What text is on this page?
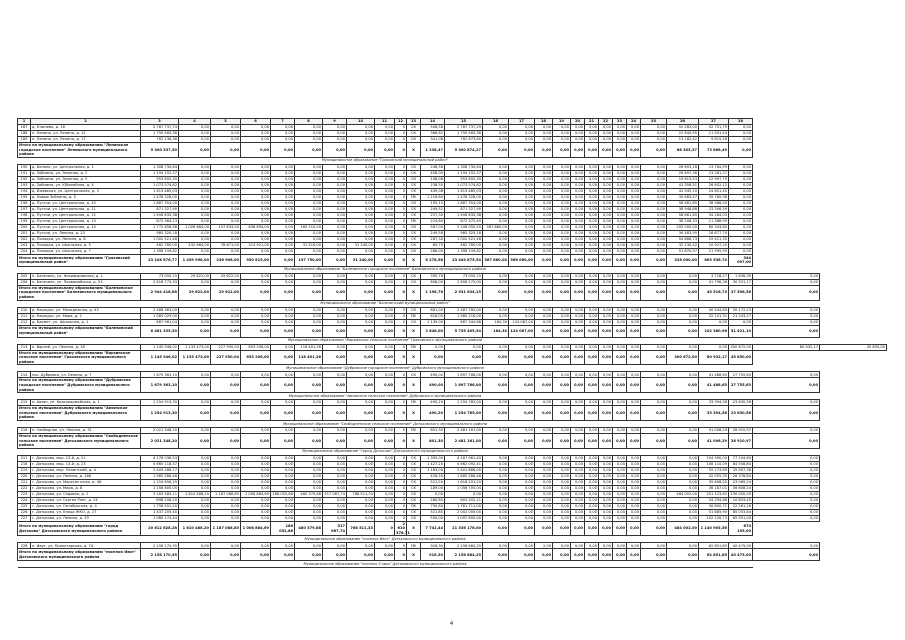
1	2	3	4	5	6	7	8	9	10	11	12	13	14	15	16	17	18	19	20	21	22	23	24	25	26	27	28		
187	д. Ключево, д. 16	2 787 737,74	0,00	0,00	0,00	0,00	0,00	0,00	0,00	0,00	0	СК	508,58	2 787 737,29	0,00	0,00	0,00	0,00	0,00	0,00	0,00	0,00	0,00	0,00	52 282,00	52 751,79	0,00		
188	п. Ленина, ул. Ленина, д. 12	1 750 463,38	0,00	0,00	0,00	0,00	0,00	0,00	0,00	0,00	0	СК	388,81	1 750 463,38	0,00	0,00	0,00	0,00	0,00	0,00	0,00	0,00	0,00	0,00	22 840,95	11 501,44	0,00		
189	п. Ленина, ул. Ленина, д. 17	762 136,38	0,00	0,00	0,00	0,00	0,00	0,00	0,00	0,00	0	СК	341,08	762 673,60	0,00	0,00	0,00	0,00	0,00	0,00	0,00	0,00	0,00	0,00	13 182,42	9 615,26	0,00		
Итого по муниципальному образованию "Ленинское городское поселение" Ленинского муниципального района		5 300 337,50	0,00	0,00	0,00	0,00	0,00	0,00	0,00	0,00	0	X	1 238,47	5 300 874,27	0,00	0,00	0,00	0,00	0,00	0,00	0,00	0,00	0,00	0,00	88 305,37	73 868,49	0,00		
Муниципальное образование "Граховский муниципальный район"																													
190	д. Болоно, ул. Центральная, д. 1	1 308 730,84	0,00	0,00	0,00	0,00	0,00	0,00	0,00	0,00	0	СК	248,58	1 308 730,84	0,00	0,00	0,00	0,00	0,00	0,00	0,00	0,00	0,00	0,00	26 693,18	13 784,99	0,00		
191	д. Зобнины, ул. Зеленая, д. 2	1 194 155,37	0,00	0,00	0,00	0,00	0,00	0,00	0,00	0,00	0	СК	458,05	1 194 155,37	0,00	0,00	0,00	0,00	0,00	0,00	0,00	0,00	0,00	0,00	26 897,38	13 281,27	0,00		
192	д. Зобнины, ул. Зеленая, д. 5	953 655,35	0,00	0,00	0,00	0,00	0,00	0,00	0,00	0,00	0	СК	148,08	953 655,35	0,00	0,00	0,00	0,00	0,00	0,00	0,00	0,00	0,00	0,00	19 613,53	12 997,79	0,00		
193	д. Зобнины, ул. Юбилейная, д. 4	1 073 574,82	0,00	0,00	0,00	0,00	0,00	0,00	0,00	0,00	0	СК	238,50	1 073 574,82	0,00	0,00	0,00	0,00	0,00	0,00	0,00	0,00	0,00	0,00	41 358,51	26 652,12	0,00		
194	д. Ижевская, ул. Центральная, д. 3	1 613 485,03	0,00	0,00	0,00	0,00	0,00	0,00	0,00	0,00	0	СК	449,08	1 613 485,03	0,00	0,00	0,00	0,00	0,00	0,00	0,00	0,00	0,00	0,00	42 945,10	24 851,40	0,00		
195	д. Новые Зобнины, д. 5	1 478 328,00	0,00	0,00	0,00	0,00	0,00	0,00	0,00	0,00	0	ПК	1 218,80	1 478 328,00	0,00	0,00	0,00	0,00	0,00	0,00	0,00	0,00	0,00	0,00	35 683,47	35 780,98	0,00		
196	д. Пугачи, ул. Центральная, д. 10	1 887 354,00	0,00	0,00	0,00	0,00	0,00	0,00	0,00	0,00	0	СК	195,10	1 887 354,00	0,00	0,00	0,00	0,00	0,00	0,00	0,00	0,00	0,00	0,00	58 681,85	38 988,00	0,00		
197	д. Пугачи, ул. Центральная, д. 11	871 327,90	0,00	0,00	0,00	0,00	0,00	0,00	0,00	0,00	0	СК	249,52	871 327,90	0,00	0,00	0,00	0,00	0,00	0,00	0,00	0,00	0,00	0,00	38 948,88	23 306,59	0,00		
198	д. Пугачи, ул. Центральная, д. 12	1 456 635,38	0,00	0,00	0,00	0,00	0,00	0,00	0,00	0,00	0	СК	257,30	1 456 635,38	0,00	0,00	0,00	0,00	0,00	0,00	0,00	0,00	0,00	0,00	58 681,85	34 284,03	0,00		
199	д. Пугачи, ул. Центральная, д. 13	872 364,13	0,00	0,00	0,00	0,00	0,00	0,00	0,00	0,00	0	ПК	224,80	872 372,40	0,00	0,00	0,00	0,00	0,00	0,00	0,00	0,00	0,00	0,00	38 208,33	11 388,99	0,00		
200	д. Пугачи, ул. Центральная, д. 14	1 772 658,98	1 026 664,00	157 633,00	636 694,00	0,00	165 510,00	0,00	0,00	0,00	0	СК	587,00	2 108 050,50	367 860,00	0,00	0,00	0,00	0,00	0,00	0,00	0,00	0,00	0,00	205 000,00	60 343,60	0,00		
201	д. Пугачи, ул. Ленина, д. 23	985 320,18	0,00	0,00	0,00	0,00	0,00	0,00	0,00	0,00	0	СК	249,58	985 325,18	0,00	0,00	0,00	0,00	0,00	0,00	0,00	0,00	0,00	0,00	34 483,95	18 877,74	0,00		
202	д. Поладки, ул. Ленина, д. 8	1 002 521,46	0,00	0,00	0,00	0,00	0,00	0,00	0,00	0,00	0	СК	287,30	1 002 521,46	0,00	0,00	0,00	0,00	0,00	0,00	0,00	0,00	0,00	0,00	54 868,73	19 421,35	0,00		
203	д. Поладки, ул. Школьная, д. 5	482 780,00	432 664,00	78 671,00	313 921,00	0,00	31 510,00	0,00	31 240,00	0,00	0	СК	85,75	482 780,00	0,00	0,00	0,00	0,00	0,00	0,00	0,00	0,00	0,00	0,00	32 130,42	10 927,20	0,00		
204	д. Поладки, ул. Школьная, д. 7	1 398 159,82	0,00	0,00	0,00	0,00	0,00	0,00	0,00	0,00	0	СК	286,00	1 398 159,82	0,00	0,00	0,00	0,00	0,00	0,00	0,00	0,00	0,00	0,00	51 870,97	21 995,95	0,00		
Итого по муниципальному образованию "Граховский муниципальный район"		23 108 876,77	1 459 958,00	236 906,00	950 615,00	0,00	197 750,00	0,00	31 240,00	0,00	0	X	6 278,58	23 449 875,54	367 860,00	366 060,00	0,00	0,00	0,00	0,00	0,00	0,00	0,00	0,00	328 000,00	863 536,74	344 097,00		
Муниципальное образование "Балезинское городское поселение" Балезинского муниципального района																													
205	п. Балезино, ул. Никифоровская, д. 1	73 059,15	29 622,00	29 622,00	0,00	0,00	0,00	0,00	0,00	0,00	0	СК	390,76	73 059,15	0,00	0,00	0,00	0,00	0,00	0,00	0,00	0,00	0,00	0,00	0,00	3 718,27	1 636,39	0,00	
206	п. Балезино, ул. Первомайская, д. 53	2 818 773,33	0,00	0,00	0,00	0,00	0,00	0,00	0,00	0,00	0	СК	808,00	2 858 575,00	0,00	0,00	0,00	0,00	0,00	0,00	0,00	0,00	0,00	0,00	0,00	41 798,36	30 931,17	0,00	
Итого по муниципальному образованию "Балезинское городское поселение" Балезинского муниципального района		2 944 418,88	29 622,00	29 622,00	0,00	0,00	0,00	0,00	0,00	0,00	0	X	1 198,76	2 931 634,15	0,00	0,00	0,00	0,00	0,00	0,00	0,00	0,00	0,00	0,00	0,00	45 516,73	37 596,56	0,00	
Муниципальное образование "Балезинский муниципальный район"																													
210	д. Кашкуро, ул. Молодежная, д. 43	2 488 363,09	0,00	0,00	0,00	0,00	0,00	0,00	0,00	0,00	0	СК	881,00	2 487 785,00	0,00	0,00	0,00	0,00	0,00	0,00	0,00	0,00	0,00	0,00	0,00	40 544,60	30 172,23	0,00	
211	д. Кашкуро, ул. Мира, д. 2	1 085 029,00	0,00	0,00	0,00	0,00	0,00	0,00	0,00	0,00	0	ПК	618,00	1 980 216,00	0,00	0,00	0,00	0,00	0,00	0,00	0,00	0,00	0,00	0,00	0,00	32 101,31	21 243,27	0,00	
212	д. Бахмет, ул. Школьная, д. 1	887 981,04	0,00	0,00	0,00	0,00	0,00	0,00	0,00	0,00	0	СК	1 139,00	887 344,68	184,30	124 067,00	0,00	0,00	0,00	0,00	0,00	0,00	0,00	0,00	0,00	0,00	0,00	0,00	
Итого по муниципальному образованию "Балезинский муниципальный район"		6 461 335,30	0,00	0,00	0,00	0,00	0,00	0,00	0,00	0,00	0	X	2 648,00	5 755 405,54	184,30	124 067,00	0,00	0,00	0,00	0,00	0,00	0,00	0,00	0,00	0,00	102 380,96	51 421,10	0,00	
Муниципальное образование "Варзинское сельское поселение" Граховского муниципального района																													
213	п. Варзей, ул. Ленина, д. 18	1 145 946,02	1 133 473,00	227 950,04	653 206,00	0,00	118 401,26	0,00	0,00	0,00	0	ПК	0,00	0,00	0,00	0,00	0,00	0,00	0,00	0,00	0,00	0,00	0,00	0,00	0,00	0,00	300 672,00	80 932,17	45 850,00
Итого по муниципальному образованию "Варзинское сельское поселение" Граховского муниципального района		1 145 946,02	1 133 473,00	227 950,04	653 206,00	0,00	118 401,26	0,00	0,00	0,00	0	X	0,00	0,00	0,00	0,00	0,00	0,00	0,00	0,00	0,00	0,00	0,00	0,00	300 672,00	80 932,17	45 850,00		
Муниципальное образование "Дубровское городское поселение" Дубровского муниципального района																													
214	пос. Дубровка, ул. Ленина, д. 7	1 679 363,10	0,00	0,00	0,00	0,00	0,00	0,00	0,00	0,00	0	СК	490,00	1 697 786,00	0,00	0,00	0,00	0,00	0,00	0,00	0,00	0,00	0,00	0,00	0,00	41 488,65	27 755,63	0,00	
Итого по муниципальному образованию "Дубровское городское поселение" Дубровского муниципального района		1 679 363,10	0,00	0,00	0,00	0,00	0,00	0,00	0,00	0,00	0	X	490,00	1 697 786,00	0,00	0,00	0,00	0,00	0,00	0,00	0,00	0,00	0,00	0,00	0,00	41 488,65	27 755,63	0,00	
Муниципальное образование "Авзянское сельское поселение" Дубровского муниципального района																													
215	п. Авзян, ул. Красноармейская, д. 1	1 254 913,30	0,00	0,00	0,00	0,00	0,00	0,00	0,00	0,00	0	ПК	490,20	1 254 785,00	0,00	0,00	0,00	0,00	0,00	0,00	0,00	0,00	0,00	0,00	0,00	33 394,58	23 630,56	0,00	
Итого по муниципальному образованию "Авзянское сельское поселение" Дубровского муниципального района		1 254 913,30	0,00	0,00	0,00	0,00	0,00	0,00	0,00	0,00	0	X	490,20	1 254 785,00	0,00	0,00	0,00	0,00	0,00	0,00	0,00	0,00	0,00	0,00	0,00	33 394,58	23 630,56	0,00	
Муниципальное образование "Свободненское сельское поселение" Дятьковского муниципального района																													
216	п. Свободное, ул. Ленина, д. 31	2 021 348,20	0,00	0,00	0,00	0,00	0,00	0,00	0,00	0,00	0	ПК	801,30	2 481 161,00	0,00	0,00	0,00	0,00	0,00	0,00	0,00	0,00	0,00	0,00	0,00	41 006,29	28 910,97	0,00	
Итого по муниципальному образованию "Свободненское сельское поселение" Дятьковского муниципального района		2 021 348,20	0,00	0,00	0,00	0,00	0,00	0,00	0,00	0,00	0	X	801,30	2 481 161,00	0,00	0,00	0,00	0,00	0,00	0,00	0,00	0,00	0,00	0,00	0,00	41 006,29	28 910,97	0,00	
Муниципальное образование "город Дятьково" Дятьковского муниципального района																													
217	г. Дятьково, мкр. 13-й, д. 21	4 176 036,53	0,00	0,00	0,00	0,00	0,00	0,00	0,00	0,00	0	СК	1 395,00	4 167 961,40	0,00	0,00	0,00	0,00	0,00	0,00	0,00	0,00	0,00	0,00	0,00	104 390,00	77 104,64	0,00	
218	г. Дятьково, мкр. 13-й, д. 23	4 665 118,37	0,00	0,00	0,00	0,00	0,00	0,00	0,00	0,00	0	СК	1 427,20	4 662 092,41	0,00	0,00	0,00	0,00	0,00	0,00	0,00	0,00	0,00	0,00	0,00	108 110,09	84 558,84	0,00	
219	г. Дятьково, мкр. Ленинский, д. 4	2 409 286,17	0,00	0,00	0,00	0,00	0,00	0,00	0,00	0,00	0	СК	1 183,00	2 401 886,00	0,00	0,00	0,00	0,00	0,00	0,00	0,00	0,00	0,00	0,00	0,00	55 273,69	35 907,38	0,00	
220	г. Дятьково, ул. Ленина, д. 166	1 985 286,46	0,00	0,00	0,00	0,00	0,00	0,00	0,00	0,00	0	СК	428,50	1 885 266,46	0,00	0,00	0,00	0,00	0,00	0,00	0,00	0,00	0,00	0,00	0,00	42 005,35	28 376,84	0,00	
221	г. Дятьково, ул. Марксистская, д. 46	1 154 656,29	0,00	0,00	0,00	0,00	0,00	0,00	0,00	0,00	0	СК	521,50	1 618 201,20	0,00	0,00	0,00	0,00	0,00	0,00	0,00	0,00	0,00	0,00	0,00	35 608,25	23 069,24	0,00	
222	г. Дятьково, ул. Мира, д. 8	1 158 805,05	0,00	0,00	0,00	0,00	0,00	0,00	0,00	0,00	0	СК	189,00	1 058 705,04	0,00	0,00	0,00	0,00	0,00	0,00	0,00	0,00	0,00	0,00	0,00	36 187,01	56 608,24	0,00	
223	г. Дятьково, ул. Садовая, д. 1	3 163 585,11	1 610 488,20	1 187 088,85	1 008 884,69	186 052,88	480 379,88	517 067,74	768 511,33	0,00	0	СК	0,00	0,00	0,00	0,00	0,00	0,00	0,00	0,00	0,00	0,00	0,00	0,00	484 002,00	201 123,62	130 000,00	0,00	
224	г. Дятьково, ул. Сергея Ранг, д. 24	898 106,20	0,00	0,00	0,00	0,00	0,00	0,00	0,00	0,00	0	СК	280,80	603 202,11	0,00	0,00	0,00	0,00	0,00	0,00	0,00	0,00	0,00	0,00	0,00	24 294,66	10 853,45	0,00	
225	г. Дятьково, ул. Октябрьская, д. 4	1 758 551,20	0,00	0,00	0,00	0,00	0,00	0,00	0,00	0,00	0	ПК	750,80	1 781 711,00	0,00	0,00	0,00	0,00	0,00	0,00	0,00	0,00	0,00	0,00	0,00	50 800,71	22 261,16	0,00	
226	г. Дятьково, ул. Улица ЖКО, д. 27	1 437 205,40	0,00	0,00	0,00	0,00	0,00	0,00	0,00	0,00	0	СК	521,85	2 002 000,00	0,00	0,00	0,00	0,00	0,00	0,00	0,00	0,00	0,00	0,00	0,00	51 685,90	85 053,84	0,00	
227	г. Дятьково, ул. Ленина, д. 29	1 060 174,44	0,00	0,00	0,00	0,00	0,00	0,00	0,00	0,00	0	СК	500,00	1 097 600,00	0,00	0,00	0,00	0,00	0,00	0,00	0,00	0,00	0,00	0,00	0,00	102 226,73	85 551,00	0,00	
Итого по муниципальному образованию "город Дятьково" Дятьковского муниципального района		20 612 628,28	1 610 488,20	1 187 088,85	1 008 884,69	186 052,88	480 379,88	517 067,74	768 511,33	0	2 610 378,71	X	7 742,44	21 336 178,00	0,00	0,00	0,00	0,00	0,00	0,00	0,00	0,00	0,00	0,00	484 002,00	1 140 905,56	670 195,00		
Муниципальное образование "поселок Ивот" Дятьковского муниципального района																													
228	п. Ивот, ул. Пролетарская, д. 7А	2 158 170,35	0,00	0,00	0,00	0,00	0,00	0,00	0,00	0,00	0	ПК	918,30	2 158 884,25	0,00	0,00	2,00	0,00	0,00	0,00	0,00	0,00	0,00	0,00	0,00	62 851,85	40 475,00	0,00	
Итого по муниципальному образованию "поселок Ивот" Дятьковского муниципального района		2 158 170,35	0,00	0,00	0,00	0,00	0,00	0,00	0,00	0,00	0	X	918,30	2 158 884,25	0,00	0,00	0,00	0,00	0,00	0,00	0,00	0,00	0,00	0,00	0,00	62 851,85	40 475,00	0,00	
Муниципальное образование "поселок Старь" Дятьковского муниципального района																													
4
